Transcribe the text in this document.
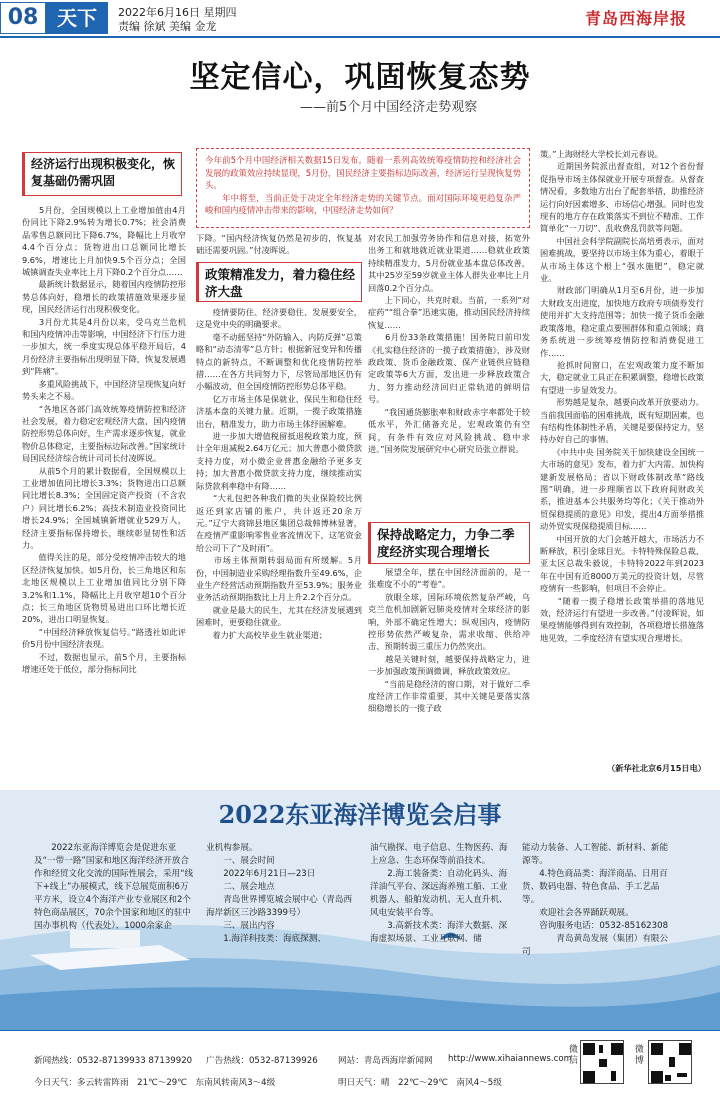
08 天下	2022年6月16日 星期四
责编 徐斌 美编 金龙	青岛西海岸报
坚定信心，巩固恢复态势
——前5个月中国经济走势观察
今年前5个月中国经济相关数据15日发布。随着一系列高效统筹疫情防控和经济社会发展的政策效应持续显现，5月份，国民经济主要指标边际改善，经济运行呈现恢复势头。
　　年中将至，当前正处于决定全年经济走势的关键节点。面对国际环境更趋复杂严峻和国内疫情冲击带来的影响，中国经济走势如何？
经济运行出现积极变化，恢复基础仍需巩固
　　5月份，全国规模以上工业增加值由4月份同比下降2.9%转为增长0.7%；社会消费品零售总额同比下降6.7%，降幅比上月收窄4.4个百分点；货物进出口总额同比增长9.6%，增速比上月加快9.5个百分点；全国城镇调查失业率比上月下降0.2个百分点……
　　最新统计数据显示，随着国内疫情防控形势总体向好，稳增长的政策措施效果逐步显现，国民经济运行出现积极变化。
　　3月份尤其是4月份以来，受乌克兰危机和国内疫情冲击等影响，中国经济下行压力进一步加大，统一季度实现总体平稳开局后，4月份经济主要指标出现明显下降，恢复发展遇到“阵痛”。
　　多重风险挑战下，中国经济呈现恢复向好势头来之不易。
　　“各地区各部门高效统筹疫情防控和经济社会发展，着力稳定宏观经济大盘，国内疫情防控形势总体向好，生产需求逐步恢复，就业物价总体稳定，主要指标边际改善。”国家统计局国民经济综合统计司司长付凌晖说。
　　从前5个月的累计数据看，全国规模以上工业增加值同比增长3.3%；货物进出口总额同比增长8.3%；全国固定资产投资（不含农户）同比增长6.2%；高技术制造业投资同比增长24.9%；全国城镇新增就业529万人，经济主要指标保持增长，继续彰显韧性和活力。
　　值得关注的是，部分受疫情冲击较大的地区经济恢复加快。如5月份，长三角地区和东北地区规模以上工业增加值同比分别下降3.2%和1.1%，降幅比上月收窄超10个百分点；长三角地区货物贸易进出口环比增长近20%，进出口明显恢复。
　　“中国经济释放恢复信号。”路透社如此评价5月份中国经济表现。
　　不过，数据也显示，前5个月，主要指标增速还处于低位，部分指标同比
下降。“国内经济恢复仍然是初步的，恢复基础还需要巩固。”付凌晖说。
政策精准发力，着力稳住经济大盘
　　疫情要防住、经济要稳住、发展要安全，这是党中央的明确要求。
　　毫不动摇坚持“外防输入、内防反弹”总策略和“动态清零”总方针；根据新冠变异和传播特点的新特点，不断调整和优化疫情防控举措……在各方共同努力下，尽管局部地区仍有小幅波动，但全国疫情防控形势总体平稳。
　　亿万市场主体是保就业、保民生和稳住经济基本盘的关键力量。近期，一揽子政策措施出台，精准发力，助力市场主体纾困解难。
　　进一步加大增值税留抵退税政策力度，预计全年退减税2.64万亿元；加大普惠小微贷款支持力度，对小微企业普惠金融给予更多支持；加大普惠小微贷款支持力度，继续推动实际贷款利率稳中有降……
　　“大礼包把各种我们微的失业保险较比例返还到家店铺的账户，共计返还20余万元。”辽宁大商锦县地区集团总裁韩博林显著，在疫情严重影响零售业客流情况下，这笔资金给公司下了“及时雨”。
　　市场主体预期转弱局面有所缓解。5月份，中国制造业采购经理指数升至49.6%，企业生产经营活动预期指数升至53.9%；服务业业务活动预期指数比上月上升2.2个百分点。
　　就业是最大的民生，尤其在经济发展遇到困难时，更要稳住就业。
　　着力扩大高校毕业生就业渠道；
对农民工加强劳务协作和信息对接，拓宽外出务工和就地就近就业渠道……稳就业政策持续精准发力，5月份就业基本盘总体改善，其中25岁至59岁就业主体人群失业率比上月回落0.2个百分点。
　　上下同心，共克时艰。当前，一系列“对症药”“组合拳”迅速实施，推动国民经济持续恢复……
　　6月份33条政策措施！国务院日前印发《扎实稳住经济的一揽子政策措施》，涉及财政政策、货币金融政策、保产业链供应链稳定政策等6大方面，发出进一步释放政策合力、努力推动经济回归正常轨道的鲜明信号。
　　“我国通货膨胀率和财政赤字率都处于较低水平，外汇储备充足，宏观政策仍有空间，有条件有效应对风险挑战、稳中求进。”国务院发展研究中心研究员张立群说。
保持战略定力，力争二季度经济实现合理增长
　　展望全年，摆在中国经济面前的，是一张难度不小的“考卷”。
　　放眼全球，国际环境依然复杂严峻，乌克兰危机加剧新冠肺炎疫情对全球经济的影响，外部不确定性增大；纵观国内，疫情防控形势依然严峻复杂，需求收缩、供给冲击、预期转弱三重压力仍然突出。
　　越是关键时刻，越要保持战略定力，进一步加强政策预调微调，释放政策效应。
　　“当前是稳经济的窗口期，对于做好二季度经济工作非常重要，其中关键是要落实落细稳增长的一揽子政
策。”上海财经大学校长刘元春说。
　　近期国务院派出督查组，对12个省份督促指导市场主体保就业开展专项督查。从督查情况看，多数地方出台了配套举措，助推经济运行向好因素增多、市场信心增强。同时也发现有的地方存在政策落实不到位不精准、工作简单化“一刀切”、乱收费乱罚款等问题。
　　中国社会科学院副院长高培勇表示，面对困难挑战，要坚持以市场主体为重心，着眼于从市场主体这个根上“强水施肥”，稳定就业。
　　财政部门明确从1月至6月份，进一步加大财政支出进度，加快地方政府专项债券发行使用并扩大支持范围等；加快一揽子货币金融政策落地，稳定重点要围群体和重点领域；商务系统进一步统筹疫情防控和消费促进工作……
　　抢抓时间窗口，在宏观政策力度不断加大，稳定就业工具正在积累调整，稳增长政策有望进一步显效发力。
　　形势越是复杂，越要向改革开放要动力。当前我国面临的困难挑战，既有短期因素，也有结构性体制性矛盾，关键是要保持定力，坚持办好自己的事情。
　　《中共中央 国务院关于加快建设全国统一大市场的意见》发布，着力扩大内需、加快构建新发展格局；省以下财政体制改革“路线图”明确，进一步理顺省以下政府间财政关系，推进基本公共服务均等化；《关于推动外贸保稳提质的意见》印发，提出4方面举措推动外贸实现保稳提质目标……
　　中国开放的大门会越开越大，市场活力不断释放，积引金球目光。卡特特殊保险总裁、亚太区总裁朱毅说，卡特特2022年到2023年在中国有近8000万美元的投资计划，尽管疫情有一些影响，但项目不会停止。
　　“随着一揽子稳增长政策举措的落地见效，经济运行有望进一步改善。”付凌晖说，如果疫情能够得到有效控制，各项稳增长措施落地见效，二季度经济有望实现合理增长。
（新华社北京6月15日电）
2022东亚海洋博览会启事
　　2022东亚海洋博览会是促进东亚及“一带一路”国家和地区海洋经济开放合作和经贸文化交流的国际性展会，采用“线下+线上”办展模式，线下总展览面积6万平方米，设立4个海洋产业专业展区和2个特色商品展区，70余个国家和地区的驻中国办事机构（代表处）、1000余家企
业机构参展。
　　一、展会时间
　　2022年6月21日—23日
　　二、展会地点
　　青岛世界博览城会展中心（青岛西海岸新区三沙路3399号）
　　三、展出内容
　　1.海洋科技类：海底探测、
油气勘探、电子信息、生物医药、海上应急、生态环保等前沿技术。
　　2.海工装备类：自动化码头、海洋油气平台、深远海养殖工船、工业机器人、船舶发动机、无人直升机、风电安装平台等。
　　3.高新技术类：海洋大数据、深海虚拟场景、工业互联网、储
能动力装备、人工智能、新材料、新能源等。
　　4.特色商品类：海洋商品、日用百货、数码电器、特色食品、手工艺品等。
　　欢迎社会各界踊跃观展。
　　咨询服务电话：0532-85162308
　　　　青岛黄岛发展（集团）有限公司
新闻热线：0532-87139933 87139920 广告热线：0532-87139926 网站：青岛西海岸新闻网 http://www.xihaiannews.com
今日天气：多云转雷阵雨　21℃～29℃　东南风转南风3～4级	明日天气：晴　22℃～29℃　南风4～5级
微信	微博
